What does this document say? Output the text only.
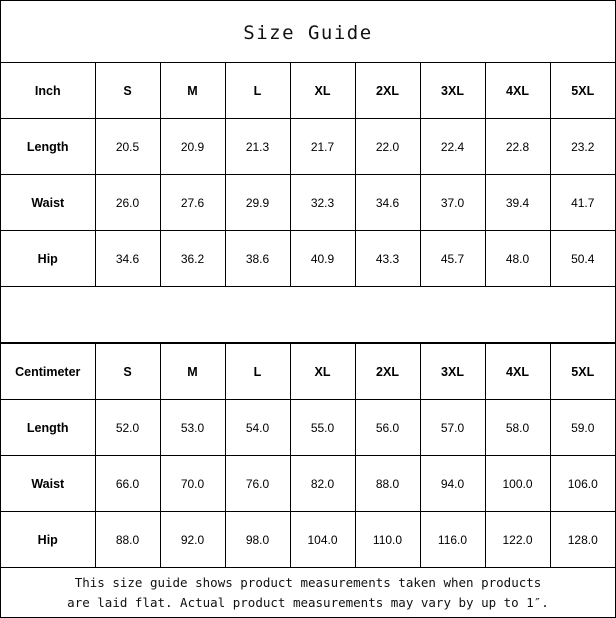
Size Guide
Inch	S	M	L	XL	2XL	3XL	4XL	5XL
Length	20.5	20.9	21.3	21.7	22.0	22.4	22.8	23.2
Waist	26.0	27.6	29.9	32.3	34.6	37.0	39.4	41.7
Hip	34.6	36.2	38.6	40.9	43.3	45.7	48.0	50.4
Centimeter	S	M	L	XL	2XL	3XL	4XL	5XL
Length	52.0	53.0	54.0	55.0	56.0	57.0	58.0	59.0
Waist	66.0	70.0	76.0	82.0	88.0	94.0	100.0	106.0
Hip	88.0	92.0	98.0	104.0	110.0	116.0	122.0	128.0
This size guide shows product measurements taken when products
are laid flat. Actual product measurements may vary by up to 1″.
